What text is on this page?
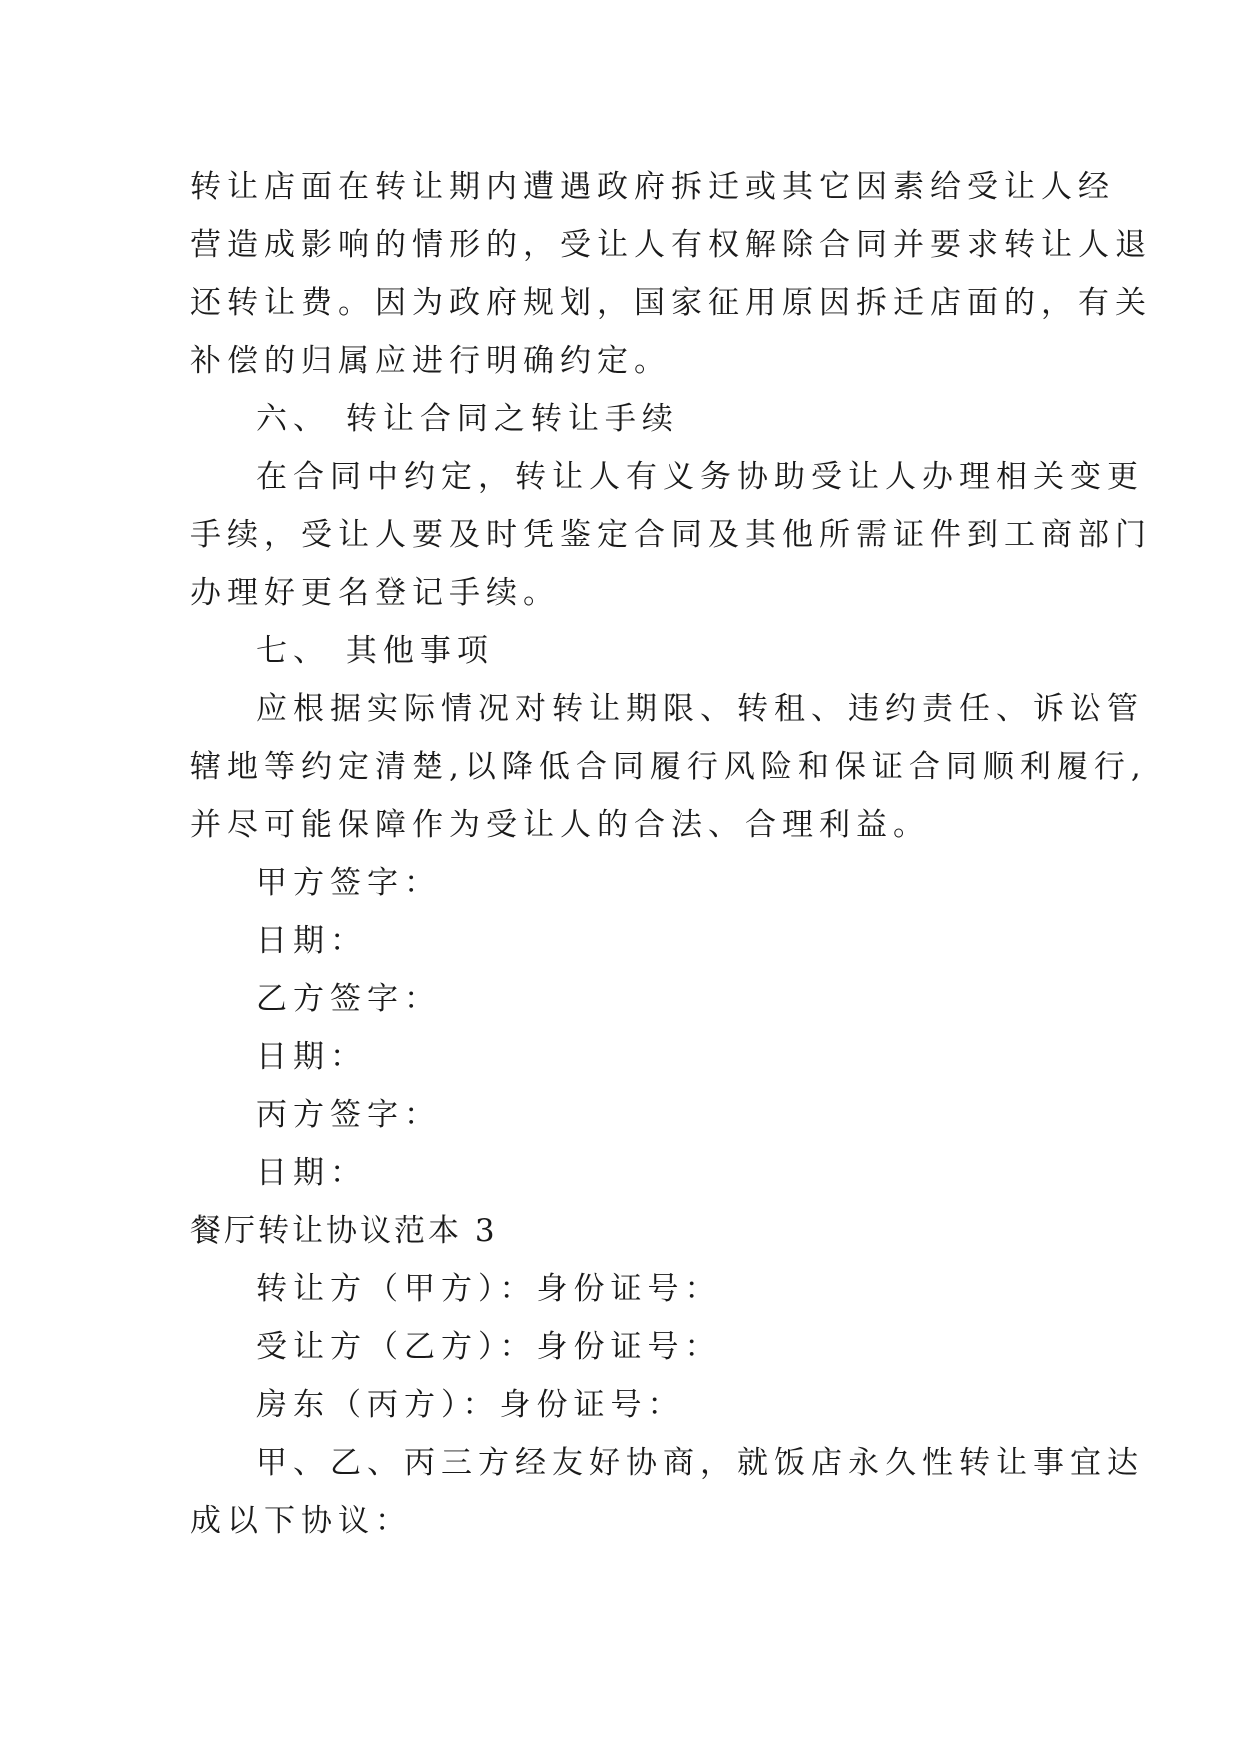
转让店面在转让期内遭遇政府拆迁或其它因素给受让人经
营造成影响的情形的，受让人有权解除合同并要求转让人退
还转让费。因为政府规划，国家征用原因拆迁店面的，有关
补偿的归属应进行明确约定。
六、 转让合同之转让手续
在合同中约定，转让人有义务协助受让人办理相关变更
手续，受让人要及时凭鉴定合同及其他所需证件到工商部门
办理好更名登记手续。
七、 其他事项
应根据实际情况对转让期限、转租、违约责任、诉讼管
辖地等约定清楚,以降低合同履行风险和保证合同顺利履行,
并尽可能保障作为受让人的合法、合理利益。
甲方签字：
日期：
乙方签字：
日期：
丙方签字：
日期：
餐厅转让协议范本 3
转让方（甲方）：身份证号：
受让方（乙方）：身份证号：
房东（丙方）：身份证号：
甲、乙、丙三方经友好协商，就饭店永久性转让事宜达
成以下协议：
